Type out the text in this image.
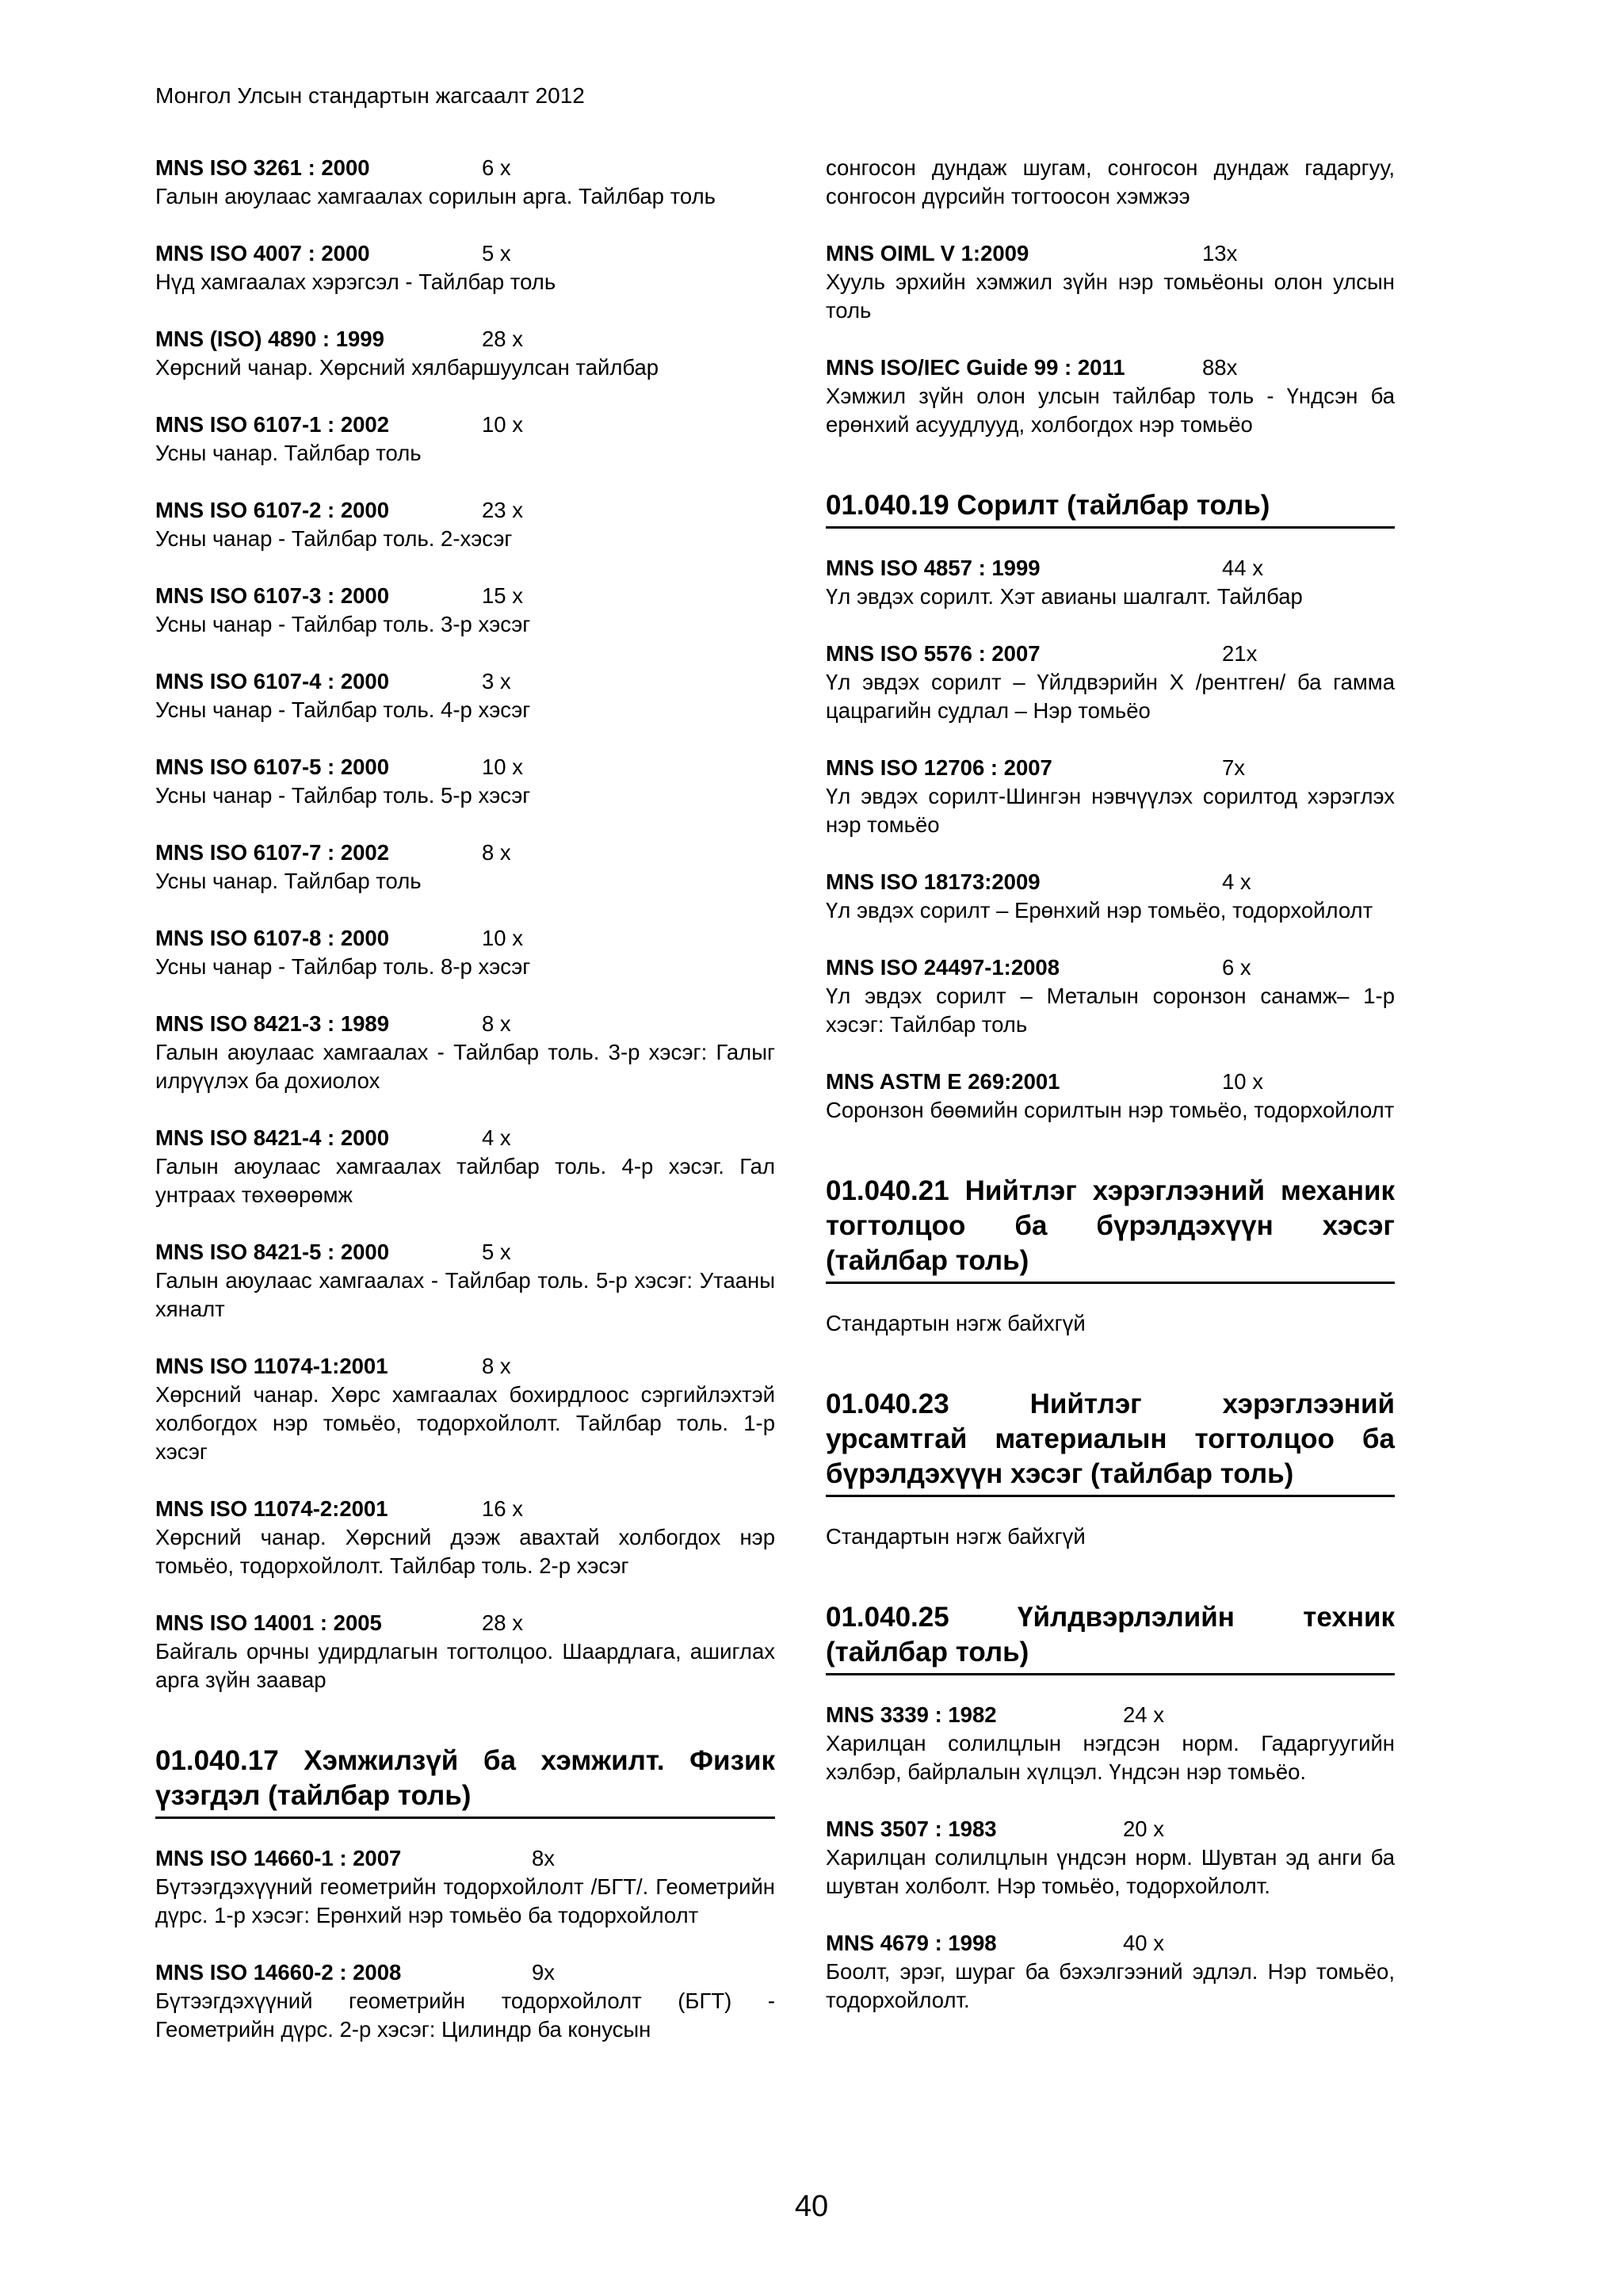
Монгол Улсын стандартын жагсаалт 2012
MNS ISO 3261 : 2000	6 x
Галын аюулаас хамгаалах сорилын арга. Тайлбар толь
MNS ISO 4007 : 2000	5 x
Нүд хамгаалах хэрэгсэл - Тайлбар толь
MNS (ISO) 4890 : 1999	28 x
Хөрсний чанар. Хөрсний хялбаршуулсан тайлбар
MNS ISO 6107-1 : 2002	10 x
Усны чанар. Тайлбар толь
MNS ISO 6107-2 : 2000	23 x
Усны чанар - Тайлбар толь. 2-хэсэг
MNS ISO 6107-3 : 2000	15 x
Усны чанар - Тайлбар толь. 3-р хэсэг
MNS ISO 6107-4 : 2000	3 x
Усны чанар - Тайлбар толь. 4-р хэсэг
MNS ISO 6107-5 : 2000	10 x
Усны чанар - Тайлбар толь. 5-р хэсэг
MNS ISO 6107-7 : 2002	8 x
Усны чанар. Тайлбар толь
MNS ISO 6107-8 : 2000	10 x
Усны чанар - Тайлбар толь. 8-р хэсэг
MNS ISO 8421-3 : 1989	8 x
Галын аюулаас хамгаалах - Тайлбар толь. 3-р хэсэг: Галыг илрүүлэх ба дохиолох
MNS ISO 8421-4 : 2000	4 x
Галын аюулаас хамгаалах тайлбар толь. 4-р хэсэг. Гал унтраах төхөөрөмж
MNS ISO 8421-5 : 2000	5 x
Галын аюулаас хамгаалах - Тайлбар толь. 5-р хэсэг: Утааны хяналт
MNS ISO 11074-1:2001	8 x
Хөрсний чанар. Хөрс хамгаалах бохирдлоос сэргийлэхтэй холбогдох нэр томьёо, тодорхойлолт. Тайлбар толь. 1-р хэсэг
MNS ISO 11074-2:2001	16 x
Хөрсний чанар. Хөрсний дээж авахтай холбогдох нэр томьёо, тодорхойлолт. Тайлбар толь. 2-р хэсэг
MNS ISO 14001 : 2005	28 x
Байгаль орчны удирдлагын тогтолцоо. Шаардлага, ашиглах арга зүйн заавар
01.040.17 Хэмжилзүй ба хэмжилт. Физик үзэгдэл (тайлбар толь)
MNS ISO 14660-1 : 2007	8x
Бүтээгдэхүүний геометрийн тодорхойлолт /БГТ/. Геометрийн дүрс. 1-р хэсэг: Ерөнхий нэр томьёо ба тодорхойлолт
MNS ISO 14660-2 : 2008	9x
Бүтээгдэхүүний геометрийн тодорхойлолт (БГТ) - Геометрийн дүрс. 2-р хэсэг: Цилиндр ба конусын
сонгосон дундаж шугам, сонгосон дундаж гадаргуу, сонгосон дүрсийн тогтоосон хэмжээ
MNS OIML V 1:2009	13x
Хууль эрхийн хэмжил зүйн нэр томьёоны олон улсын толь
MNS ISO/IEC Guide 99 : 2011	88x
Хэмжил зүйн олон улсын тайлбар толь - Үндсэн ба ерөнхий асуудлууд, холбогдох нэр томьёо
01.040.19 Сорилт (тайлбар толь)
MNS ISO 4857 : 1999	44 x
Үл эвдэх сорилт. Хэт авианы шалгалт. Тайлбар
MNS ISO 5576 : 2007	21x
Үл эвдэх сорилт – Үйлдвэрийн X /рентген/ ба гамма цацрагийн судлал – Нэр томьёо
MNS ISO 12706 : 2007	7x
Үл эвдэх сорилт-Шингэн нэвчүүлэх сорилтод хэрэглэх нэр томьёо
MNS ISO 18173:2009	4 x
Үл эвдэх сорилт – Ерөнхий нэр томьёо, тодорхойлолт
MNS ISO 24497-1:2008	6 x
Үл эвдэх сорилт – Металын соронзон санамж– 1-р хэсэг: Тайлбар толь
MNS ASTM E 269:2001	10 x
Соронзон бөөмийн сорилтын нэр томьёо, тодорхойлолт
01.040.21 Нийтлэг хэрэглээний механик тогтолцоо ба бүрэлдэхүүн хэсэг (тайлбар толь)
Стандартын нэгж байхгүй
01.040.23 Нийтлэг хэрэглээний урсамтгай материалын тогтолцоо ба бүрэлдэхүүн хэсэг (тайлбар толь)
Стандартын нэгж байхгүй
01.040.25 Үйлдвэрлэлийн техник (тайлбар толь)
MNS 3339 : 1982	24 x
Харилцан солилцлын нэгдсэн норм. Гадаргуугийн хэлбэр, байрлалын хүлцэл. Үндсэн нэр томьёо.
MNS 3507 : 1983	20 x
Харилцан солилцлын үндсэн норм. Шувтан эд анги ба шувтан холболт. Нэр томьёо, тодорхойлолт.
MNS 4679 : 1998	40 x
Боолт, эрэг, шураг ба бэхэлгээний эдлэл. Нэр томьёо, тодорхойлолт.
40
